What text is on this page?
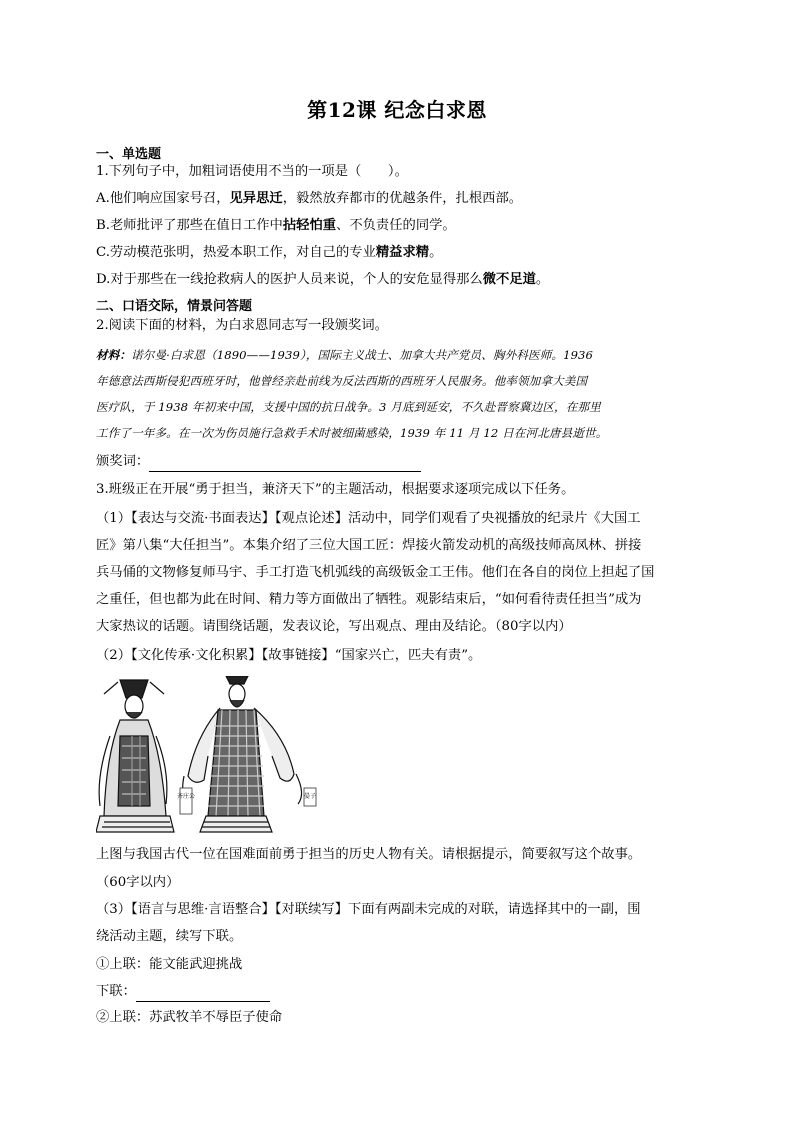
第12课 纪念白求恩
一、单选题
1.下列句子中，加粗词语使用不当的一项是（　　）。
A.他们响应国家号召，见异思迁，毅然放弃都市的优越条件，扎根西部。
B.老师批评了那些在值日工作中拈轻怕重、不负责任的同学。
C.劳动模范张明，热爱本职工作，对自己的专业精益求精。
D.对于那些在一线抢救病人的医护人员来说，个人的安危显得那么微不足道。
二、口语交际，情景问答题
2.阅读下面的材料，为白求恩同志写一段颁奖词。
材料：诺尔曼·白求恩（1890——1939），国际主义战士、加拿大共产党员、胸外科医师。1936
年德意法西斯侵犯西班牙时，他曾经亲赴前线为反法西斯的西班牙人民服务。他率领加拿大美国
医疗队，于 1938 年初来中国，支援中国的抗日战争。3 月底到延安，不久赴晋察冀边区，在那里
工作了一年多。在一次为伤员施行急救手术时被细菌感染，1939 年 11 月 12 日在河北唐县逝世。
颁奖词：
3.班级正在开展“勇于担当，兼济天下”的主题活动，根据要求逐项完成以下任务。
（1）【表达与交流·书面表达】【观点论述】活动中，同学们观看了央视播放的纪录片《大国工
匠》第八集“大任担当”。本集介绍了三位大国工匠：焊接火箭发动机的高级技师高凤林、拼接
兵马俑的文物修复师马宇、手工打造飞机弧线的高级钣金工王伟。他们在各自的岗位上担起了国
之重任，但也都为此在时间、精力等方面做出了牺牲。观影结束后，“如何看待责任担当”成为
大家热议的话题。请围绕话题，发表议论，写出观点、理由及结论。（80字以内）
（2）【文化传承·文化积累】【故事链接】“国家兴亡，匹夫有责”。
齐庄公	晏子
上图与我国古代一位在国难面前勇于担当的历史人物有关。请根据提示，简要叙写这个故事。
（60字以内）
（3）【语言与思维·言语整合】【对联续写】下面有两副未完成的对联，请选择其中的一副，围
绕活动主题，续写下联。
①上联：能文能武迎挑战
下联：
②上联：苏武牧羊不辱臣子使命
